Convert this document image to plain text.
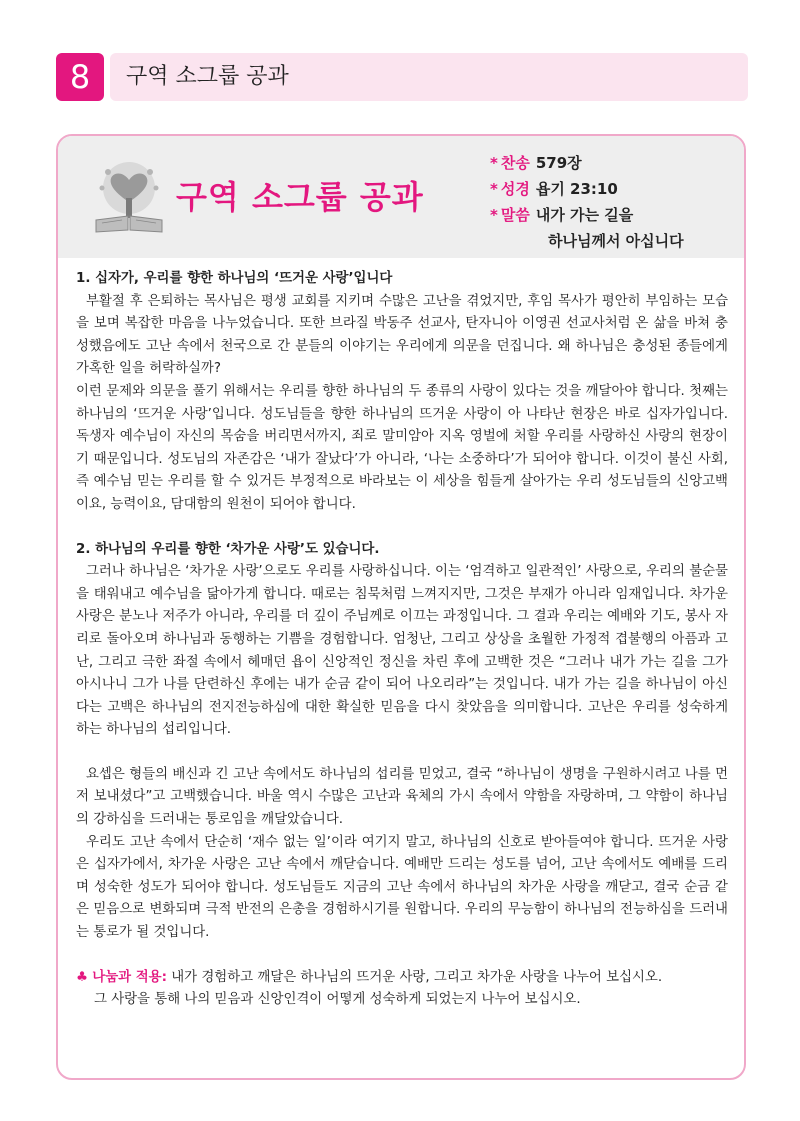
8	구역 소그룹 공과
구역 소그룹 공과
* 찬송 579장
* 성경 욥기 23:10
* 말씀 내가 가는 길을
하나님께서 아십니다
1. 십자가, 우리를 향한 하나님의 ‘뜨거운 사랑’입니다

부활절 후 은퇴하는 목사님은 평생 교회를 지키며 수많은 고난을 겪었지만, 후임 목사가 평안히 부임하는 모습을 보며 복잡한 마음을 나누었습니다. 또한 브라질 박동주 선교사, 탄자니아 이영권 선교사처럼 온 삶을 바쳐 충성했음에도 고난 속에서 천국으로 간 분들의 이야기는 우리에게 의문을 던집니다. 왜 하나님은 충성된 종들에게 가혹한 일을 허락하실까?

이런 문제와 의문을 풀기 위해서는 우리를 향한 하나님의 두 종류의 사랑이 있다는 것을 깨달아야 합니다. 첫째는 하나님의 ‘뜨거운 사랑’입니다. 성도님들을 향한 하나님의 뜨거운 사랑이 아 나타난 현장은 바로 십자가입니다. 독생자 예수님이 자신의 목숨을 버리면서까지, 죄로 말미암아 지옥 영벌에 처할 우리를 사랑하신 사랑의 현장이기 때문입니다. 성도님의 자존감은 ‘내가 잘났다’가 아니라, ‘나는 소중하다’가 되어야 합니다. 이것이 불신 사회, 즉 예수님 믿는 우리를 할 수 있거든 부정적으로 바라보는 이 세상을 힘들게 살아가는 우리 성도님들의 신앙고백이요, 능력이요, 담대함의 원천이 되어야 합니다.

2. 하나님의 우리를 향한 ‘차가운 사랑’도 있습니다.

그러나 하나님은 ‘차가운 사랑’으로도 우리를 사랑하십니다. 이는 ‘엄격하고 일관적인’ 사랑으로, 우리의 불순물을 태워내고 예수님을 닮아가게 합니다. 때로는 침묵처럼 느껴지지만, 그것은 부재가 아니라 임재입니다. 차가운 사랑은 분노나 저주가 아니라, 우리를 더 깊이 주님께로 이끄는 과정입니다. 그 결과 우리는 예배와 기도, 봉사 자리로 돌아오며 하나님과 동행하는 기쁨을 경험합니다. 엄청난, 그리고 상상을 초월한 가정적 겹불행의 아픔과 고난, 그리고 극한 좌절 속에서 헤매던 욥이 신앙적인 정신을 차린 후에 고백한 것은 “그러나 내가 가는 길을 그가 아시나니 그가 나를 단련하신 후에는 내가 순금 같이 되어 나오리라”는 것입니다. 내가 가는 길을 하나님이 아신다는 고백은 하나님의 전지전능하심에 대한 확실한 믿음을 다시 찾았음을 의미합니다. 고난은 우리를 성숙하게 하는 하나님의 섭리입니다.

요셉은 형들의 배신과 긴 고난 속에서도 하나님의 섭리를 믿었고, 결국 “하나님이 생명을 구원하시려고 나를 먼저 보내셨다”고 고백했습니다. 바울 역시 수많은 고난과 육체의 가시 속에서 약함을 자랑하며, 그 약함이 하나님의 강하심을 드러내는 통로임을 깨달았습니다.

우리도 고난 속에서 단순히 ‘재수 없는 일’이라 여기지 말고, 하나님의 신호로 받아들여야 합니다. 뜨거운 사랑은 십자가에서, 차가운 사랑은 고난 속에서 깨닫습니다. 예배만 드리는 성도를 넘어, 고난 속에서도 예배를 드리며 성숙한 성도가 되어야 합니다. 성도님들도 지금의 고난 속에서 하나님의 차가운 사랑을 깨닫고, 결국 순금 같은 믿음으로 변화되며 극적 반전의 은총을 경험하시기를 원합니다. 우리의 무능함이 하나님의 전능하심을 드러내는 통로가 될 것입니다.

♣ 나눔과 적용: 내가 경험하고 깨달은 하나님의 뜨거운 사랑, 그리고 차가운 사랑을 나누어 보십시오.
그 사랑을 통해 나의 믿음과 신앙인격이 어떻게 성숙하게 되었는지 나누어 보십시오.
